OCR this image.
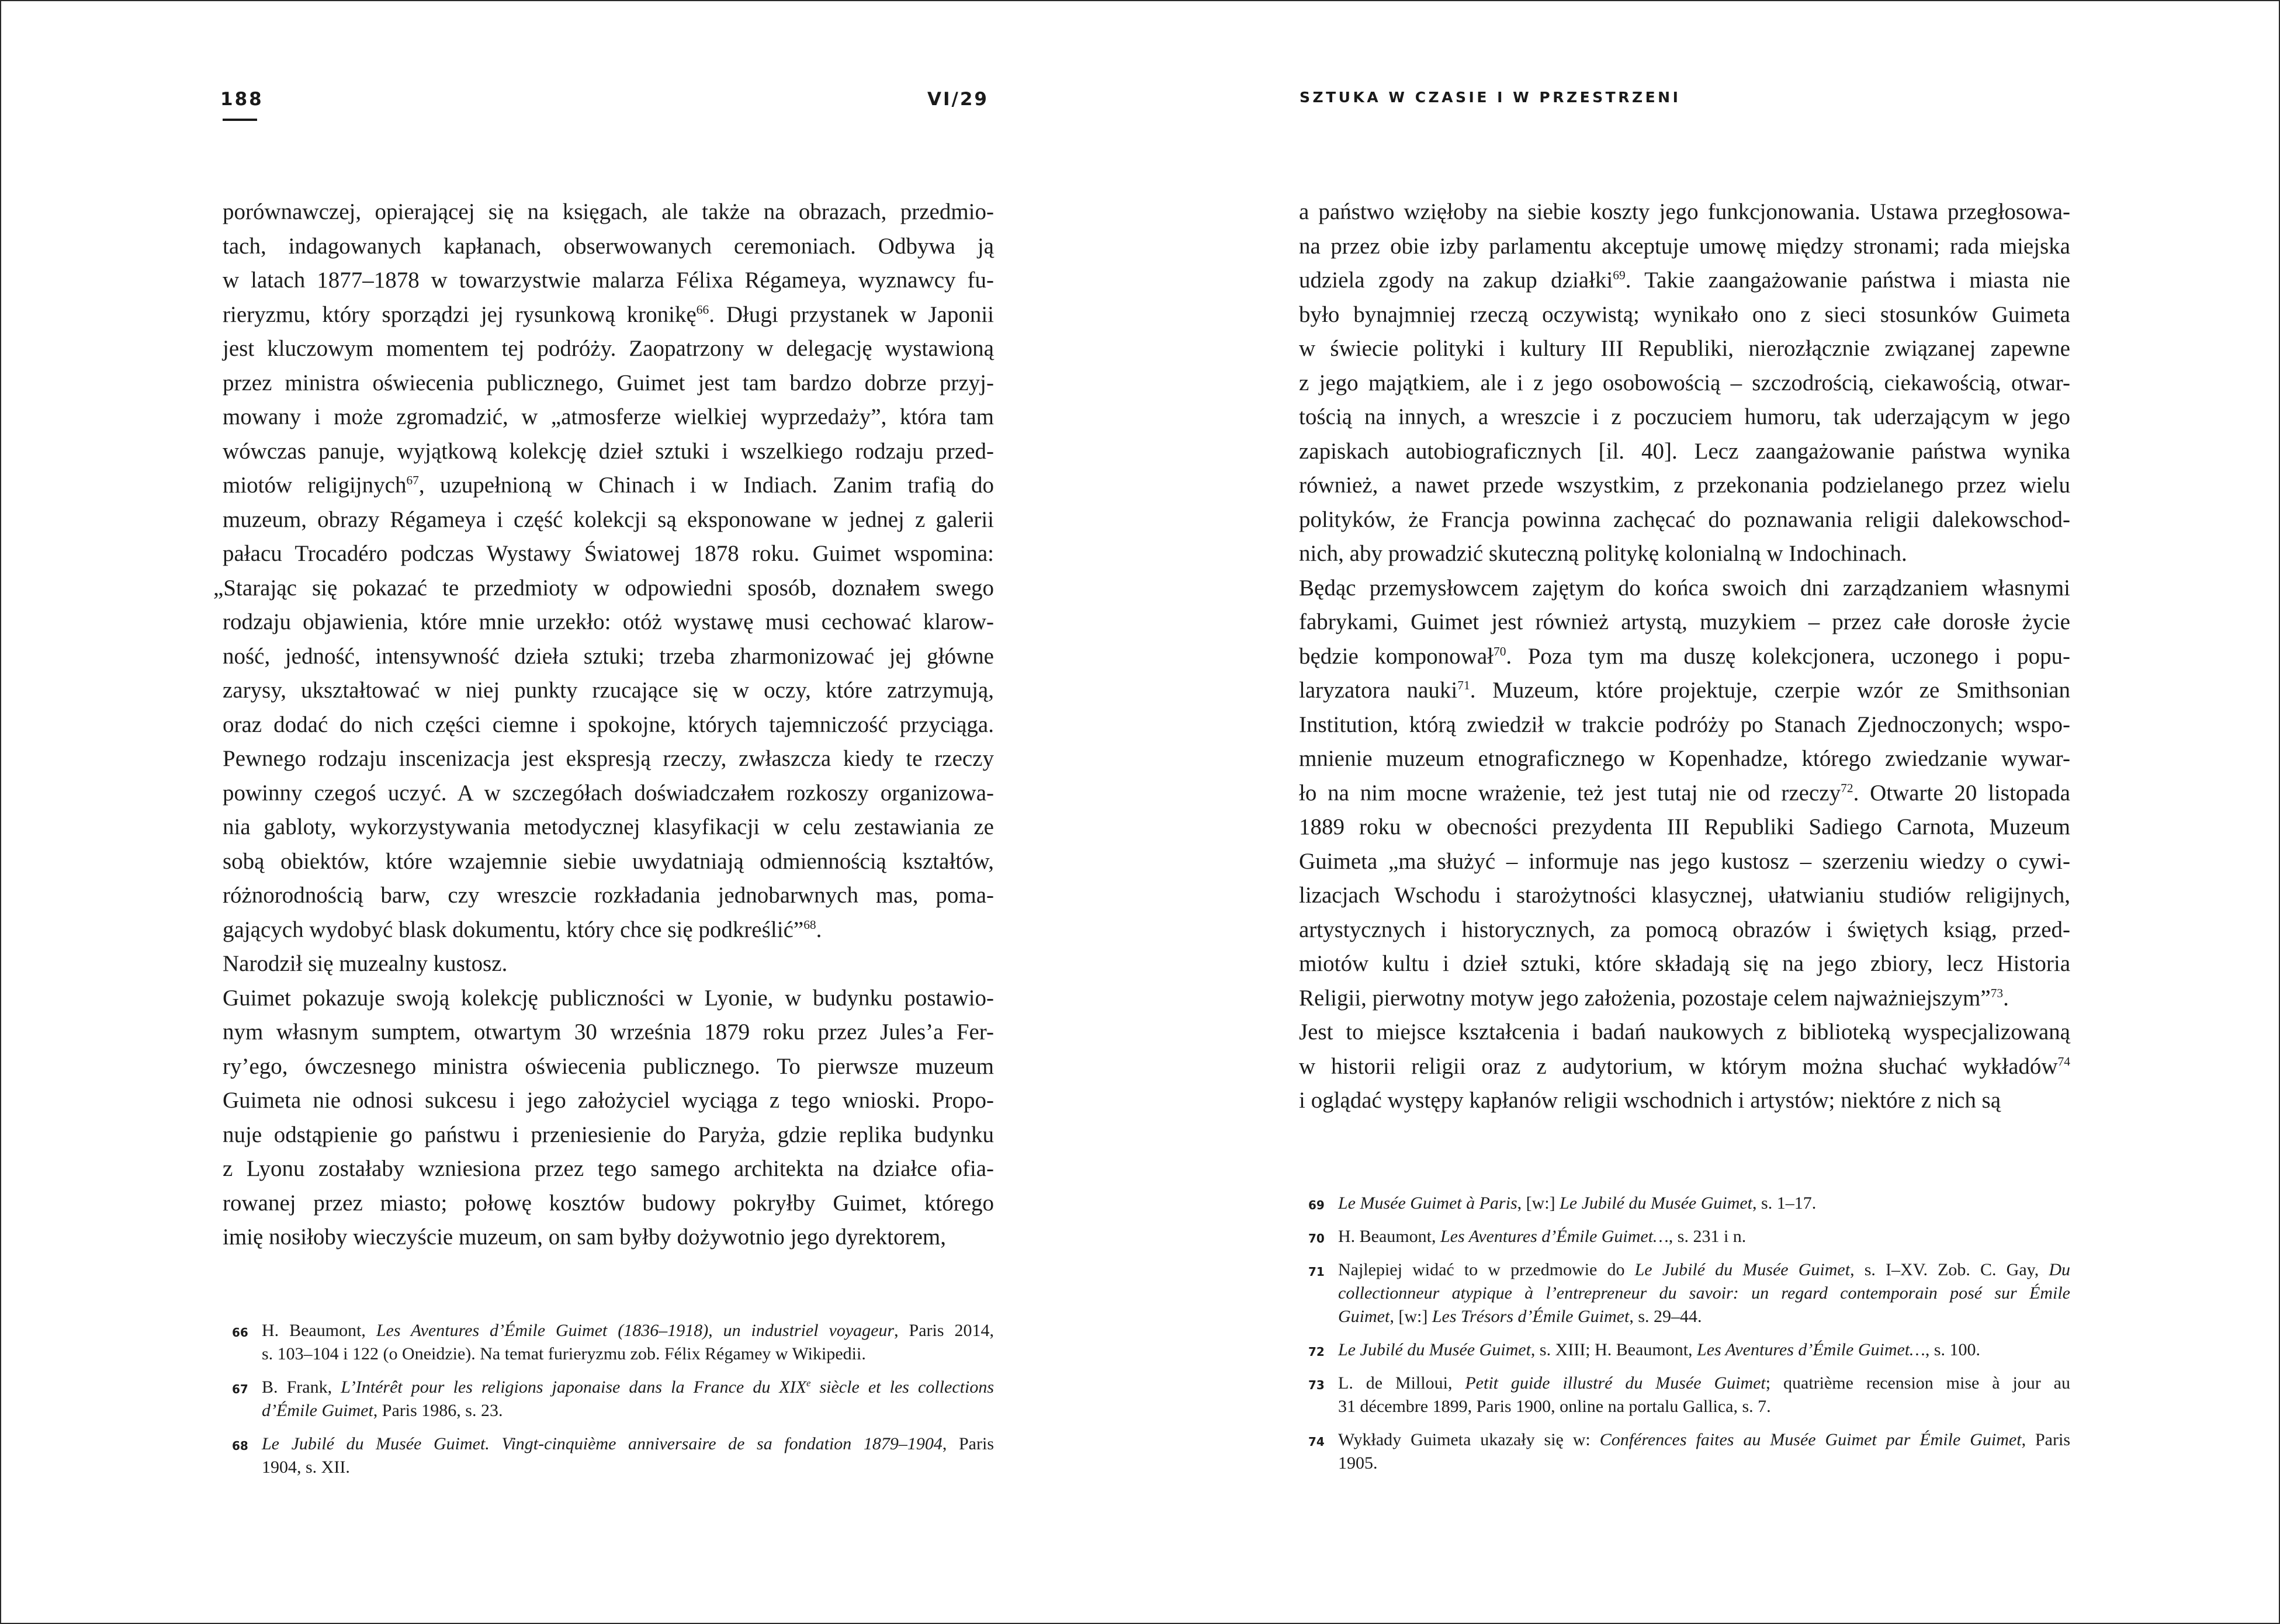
188	VI/29	SZTUKA W CZASIE I W PRZESTRZENI
porównawczej, opierającej się na księgach, ale także na obrazach, przedmio-
tach, indagowanych kapłanach, obserwowanych ceremoniach. Odbywa ją
w latach 1877–1878 w towarzystwie malarza Félixa Régameya, wyznawcy fu-
rieryzmu, który sporządzi jej rysunkową kronikę$^{66}$. Długi przystanek w Japonii
jest kluczowym momentem tej podróży. Zaopatrzony w delegację wystawioną
przez ministra oświecenia publicznego, Guimet jest tam bardzo dobrze przyj-
mowany i może zgromadzić, w „atmosferze wielkiej wyprzedaży”, która tam
wówczas panuje, wyjątkową kolekcję dzieł sztuki i wszelkiego rodzaju przed-
miotów religijnych$^{67}$, uzupełnioną w Chinach i w Indiach. Zanim trafią do
muzeum, obrazy Régameya i część kolekcji są eksponowane w jednej z galerii
pałacu Trocadéro podczas Wystawy Światowej 1878 roku. Guimet wspomina:
„Starając się pokazać te przedmioty w odpowiedni sposób, doznałem swego
rodzaju objawienia, które mnie urzekło: otóż wystawę musi cechować klarow-
ność, jedność, intensywność dzieła sztuki; trzeba zharmonizować jej główne
zarysy, ukształtować w niej punkty rzucające się w oczy, które zatrzymują,
oraz dodać do nich części ciemne i spokojne, których tajemniczość przyciąga.
Pewnego rodzaju inscenizacja jest ekspresją rzeczy, zwłaszcza kiedy te rzeczy
powinny czegoś uczyć. A w szczegółach doświadczałem rozkoszy organizowa-
nia gabloty, wykorzystywania metodycznej klasyfikacji w celu zestawiania ze
sobą obiektów, które wzajemnie siebie uwydatniają odmiennością kształtów,
różnorodnością barw, czy wreszcie rozkładania jednobarwnych mas, poma-
gających wydobyć blask dokumentu, który chce się podkreślić”$^{68}$.
Narodził się muzealny kustosz.
Guimet pokazuje swoją kolekcję publiczności w Lyonie, w budynku postawio-
nym własnym sumptem, otwartym 30 września 1879 roku przez Jules’a Fer-
ry’ego, ówczesnego ministra oświecenia publicznego. To pierwsze muzeum
Guimeta nie odnosi sukcesu i jego założyciel wyciąga z tego wnioski. Propo-
nuje odstąpienie go państwu i przeniesienie do Paryża, gdzie replika budynku
z Lyonu zostałaby wzniesiona przez tego samego architekta na działce ofia-
rowanej przez miasto; połowę kosztów budowy pokryłby Guimet, którego
imię nosiłoby wieczyście muzeum, on sam byłby dożywotnio jego dyrektorem,
a państwo wzięłoby na siebie koszty jego funkcjonowania. Ustawa przegłosowa-
na przez obie izby parlamentu akceptuje umowę między stronami; rada miejska
udziela zgody na zakup działki$^{69}$. Takie zaangażowanie państwa i miasta nie
było bynajmniej rzeczą oczywistą; wynikało ono z sieci stosunków Guimeta
w świecie polityki i kultury III Republiki, nierozłącznie związanej zapewne
z jego majątkiem, ale i z jego osobowością – szczodrością, ciekawością, otwar-
tością na innych, a wreszcie i z poczuciem humoru, tak uderzającym w jego
zapiskach autobiograficznych [il. 40]. Lecz zaangażowanie państwa wynika
również, a nawet przede wszystkim, z przekonania podzielanego przez wielu
polityków, że Francja powinna zachęcać do poznawania religii dalekowschod-
nich, aby prowadzić skuteczną politykę kolonialną w Indochinach.
Będąc przemysłowcem zajętym do końca swoich dni zarządzaniem własnymi
fabrykami, Guimet jest również artystą, muzykiem – przez całe dorosłe życie
będzie komponował$^{70}$. Poza tym ma duszę kolekcjonera, uczonego i popu-
laryzatora nauki$^{71}$. Muzeum, które projektuje, czerpie wzór ze Smithsonian
Institution, którą zwiedził w trakcie podróży po Stanach Zjednoczonych; wspo-
mnienie muzeum etnograficznego w Kopenhadze, którego zwiedzanie wywar-
ło na nim mocne wrażenie, też jest tutaj nie od rzeczy$^{72}$. Otwarte 20 listopada
1889 roku w obecności prezydenta III Republiki Sadiego Carnota, Muzeum
Guimeta „ma służyć – informuje nas jego kustosz – szerzeniu wiedzy o cywi-
lizacjach Wschodu i starożytności klasycznej, ułatwianiu studiów religijnych,
artystycznych i historycznych, za pomocą obrazów i świętych ksiąg, przed-
miotów kultu i dzieł sztuki, które składają się na jego zbiory, lecz Historia
Religii, pierwotny motyw jego założenia, pozostaje celem najważniejszym”$^{73}$.
Jest to miejsce kształcenia i badań naukowych z biblioteką wyspecjalizowaną
w historii religii oraz z audytorium, w którym można słuchać wykładów$^{74}$
i oglądać występy kapłanów religii wschodnich i artystów; niektóre z nich są
66 H. Beaumont, Les Aventures d’Émile Guimet (1836–1918), un industriel voyageur, Paris 2014,
s. 103–104 i 122 (o Oneidzie). Na temat furieryzmu zob. Félix Régamey w Wikipedii.
67 B. Frank, L’Intérêt pour les religions japonaise dans la France du XIXe siècle et les collections
d’Émile Guimet, Paris 1986, s. 23.
68 Le Jubilé du Musée Guimet. Vingt-cinquième anniversaire de sa fondation 1879–1904, Paris
1904, s. XII.
69 Le Musée Guimet à Paris, [w:] Le Jubilé du Musée Guimet, s. 1–17.
70 H. Beaumont, Les Aventures d’Émile Guimet…, s. 231 i n.
71 Najlepiej widać to w przedmowie do Le Jubilé du Musée Guimet, s. I–XV. Zob. C. Gay, Du
collectionneur atypique à l’entrepreneur du savoir: un regard contemporain posé sur Émile
Guimet, [w:] Les Trésors d’Émile Guimet, s. 29–44.
72 Le Jubilé du Musée Guimet, s. XIII; H. Beaumont, Les Aventures d’Émile Guimet…, s. 100.
73 L. de Milloui, Petit guide illustré du Musée Guimet; quatrième recension mise à jour au
31 décembre 1899, Paris 1900, online na portalu Gallica, s. 7.
74 Wykłady Guimeta ukazały się w: Conférences faites au Musée Guimet par Émile Guimet, Paris
1905.
